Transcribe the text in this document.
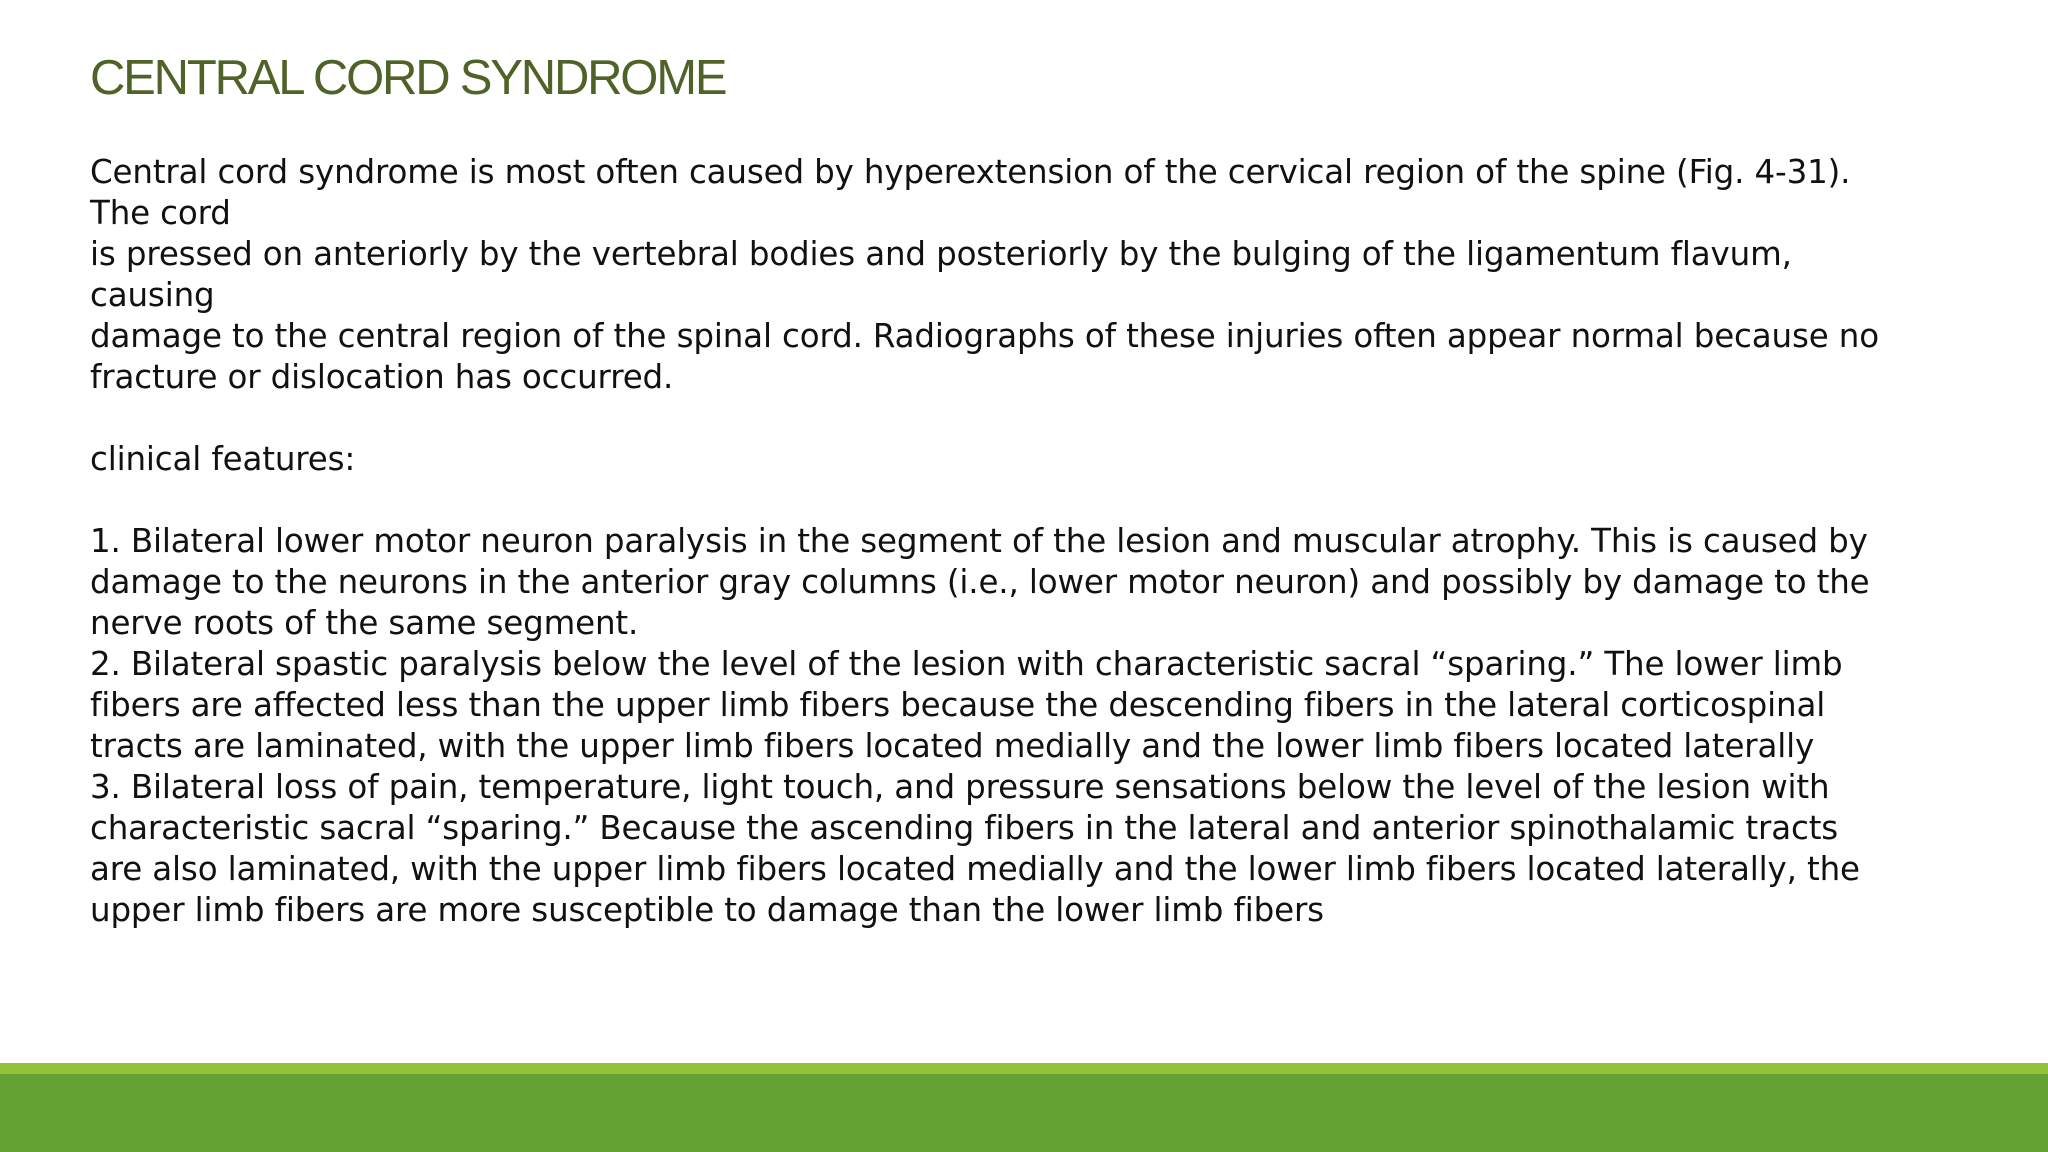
CENTRAL CORD SYNDROME
Central cord syndrome is most often caused by hyperextension of the cervical region of the spine (Fig. 4-31).
The cord
is pressed on anteriorly by the vertebral bodies and posteriorly by the bulging of the ligamentum flavum,
causing
damage to the central region of the spinal cord. Radiographs of these injuries often appear normal because no
fracture or dislocation has occurred.
clinical features:
1. Bilateral lower motor neuron paralysis in the segment of the lesion and muscular atrophy. This is caused by
damage to the neurons in the anterior gray columns (i.e., lower motor neuron) and possibly by damage to the
nerve roots of the same segment.
2. Bilateral spastic paralysis below the level of the lesion with characteristic sacral “sparing.” The lower limb
fibers are affected less than the upper limb fibers because the descending fibers in the lateral corticospinal
tracts are laminated, with the upper limb fibers located medially and the lower limb fibers located laterally
3. Bilateral loss of pain, temperature, light touch, and pressure sensations below the level of the lesion with
characteristic sacral “sparing.” Because the ascending fibers in the lateral and anterior spinothalamic tracts
are also laminated, with the upper limb fibers located medially and the lower limb fibers located laterally, the
upper limb fibers are more susceptible to damage than the lower limb fibers
